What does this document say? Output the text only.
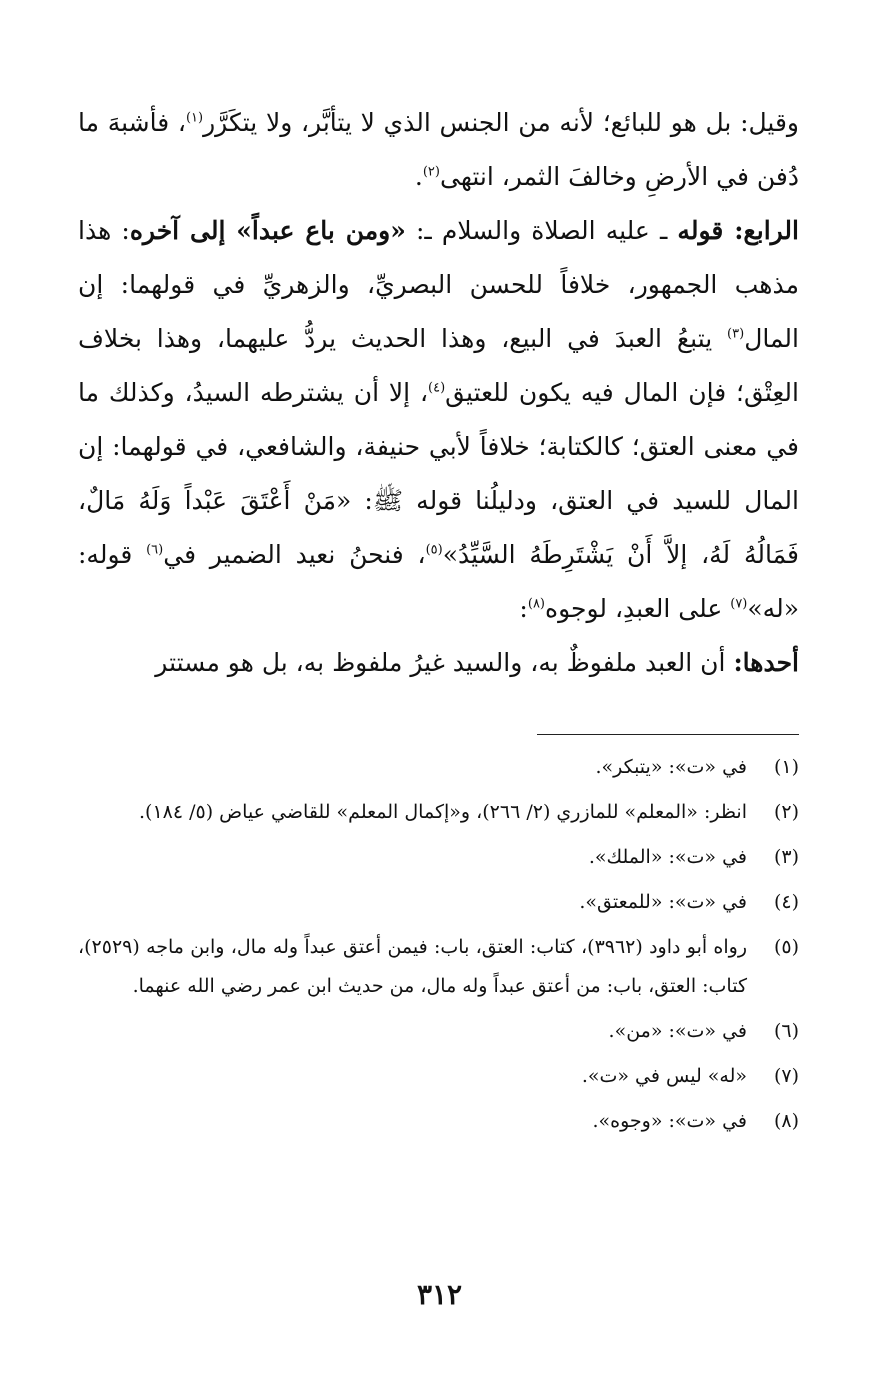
وقيل: بل هو للبائع؛ لأنه من الجنس الذي لا يتأبَّر، ولا يتكَرَّر$^{(١)}$، فأشبهَ ما دُفن في الأرضِ وخالفَ الثمر، انتهى$^{(٢)}$.

الرابع: قوله ـ عليه الصلاة والسلام ـ: «ومن باع عبداً» إلى آخره: هذا مذهب الجمهور، خلافاً للحسن البصريِّ، والزهريِّ في قولهما: إن المال$^{(٣)}$ يتبعُ العبدَ في البيع، وهذا الحديث يردُّ عليهما، وهذا بخلاف العِتْق؛ فإن المال فيه يكون للعتيق$^{(٤)}$، إلا أن يشترطه السيدُ، وكذلك ما في معنى العتق؛ كالكتابة؛ خلافاً لأبي حنيفة، والشافعي، في قولهما: إن المال للسيد في العتق، ودليلُنا قوله ﷺ: «مَنْ أَعْتَقَ عَبْداً وَلَهُ مَالٌ، فَمَالُهُ لَهُ، إلاَّ أَنْ يَشْتَرِطَهُ السَّيِّدُ»$^{(٥)}$، فنحنُ نعيد الضمير في$^{(٦)}$ قوله: «له»$^{(٧)}$ على العبدِ، لوجوه$^{(٨)}$:

أحدها: أن العبد ملفوظٌ به، والسيد غيرُ ملفوظ به، بل هو مستتر

(١)
في «ت»: «يتبكر».
(٢)
انظر: «المعلم» للمازري (٢/ ٢٦٦)، و«إكمال المعلم» للقاضي عياض (٥/ ١٨٤).
(٣)
في «ت»: «الملك».
(٤)
في «ت»: «للمعتق».
(٥)
رواه أبو داود (٣٩٦٢)، كتاب: العتق، باب: فيمن أعتق عبداً وله مال، وابن ماجه (٢٥٢٩)، كتاب: العتق، باب: من أعتق عبداً وله مال، من حديث ابن عمر رضي الله عنهما.
(٦)
في «ت»: «من».
(٧)
«له» ليس في «ت».
(٨)
في «ت»: «وجوه».
٣١٢
